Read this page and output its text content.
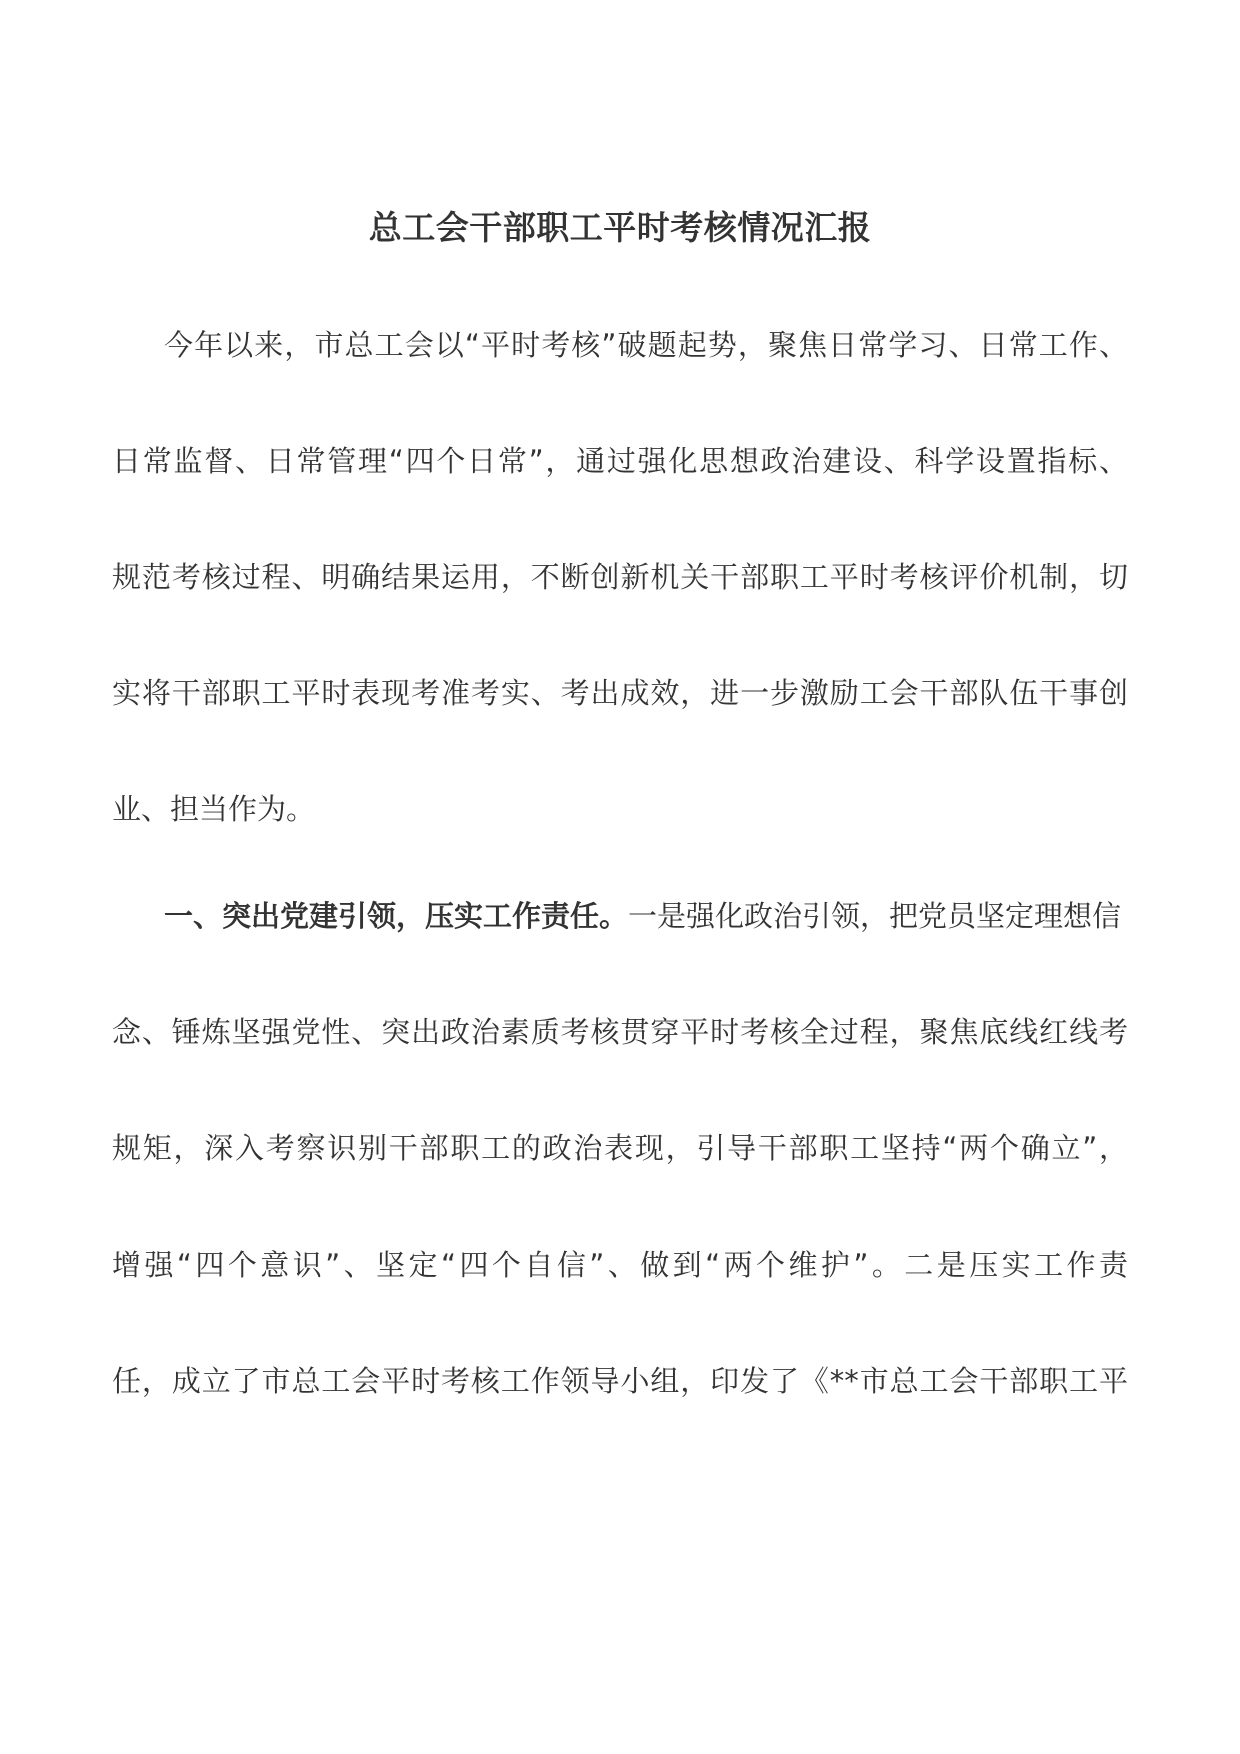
总工会干部职工平时考核情况汇报
今年以来，市总工会以“平时考核”破题起势，聚焦日常学习、日常工作、
日常监督、日常管理“四个日常”，通过强化思想政治建设、科学设置指标、
规范考核过程、明确结果运用，不断创新机关干部职工平时考核评价机制，切
实将干部职工平时表现考准考实、考出成效，进一步激励工会干部队伍干事创
业、担当作为。
一、突出党建引领，压实工作责任。一是强化政治引领，把党员坚定理想信
念、锤炼坚强党性、突出政治素质考核贯穿平时考核全过程，聚焦底线红线考
规矩，深入考察识别干部职工的政治表现，引导干部职工坚持“两个确立”，
增强“四个意识”、坚定“四个自信”、做到“两个维护”。二是压实工作责
任，成立了市总工会平时考核工作领导小组，印发了《**市总工会干部职工平
